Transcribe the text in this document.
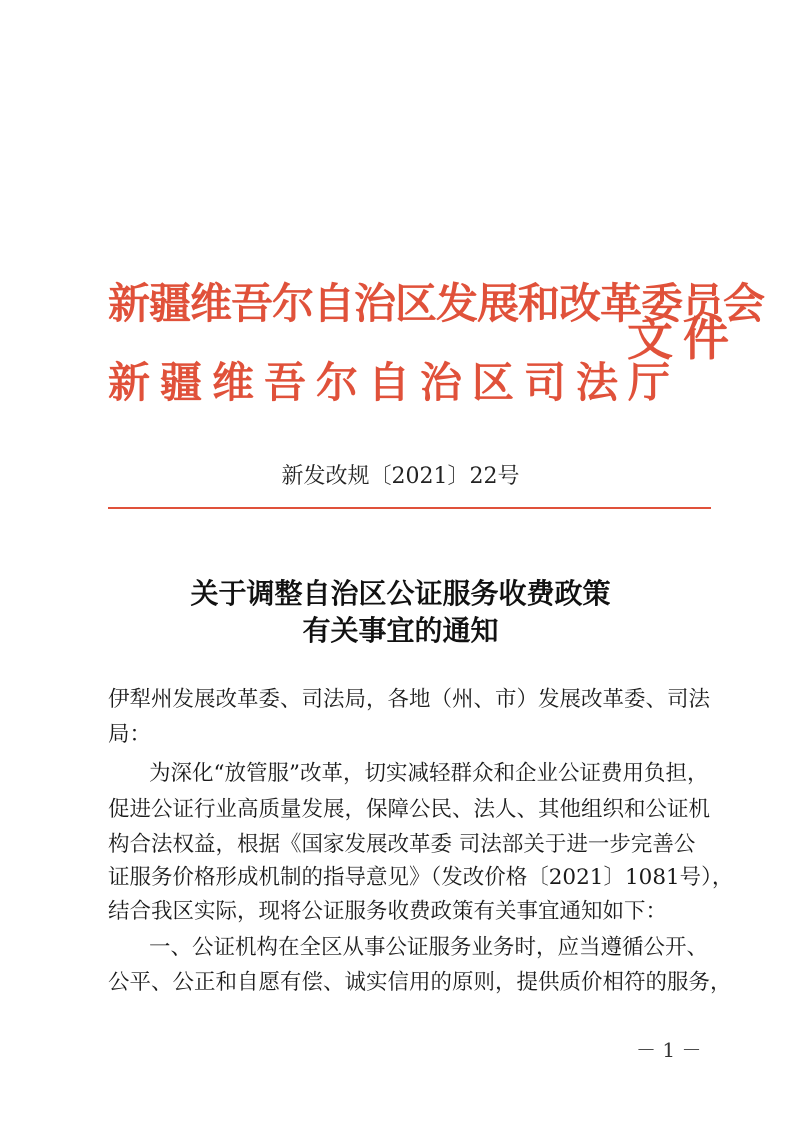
新疆维吾尔自治区发展和改革委员会
新疆维吾尔自治区司法厅
文件
新发改规〔2021〕22号
关于调整自治区公证服务收费政策
有关事宜的通知
伊犁州发展改革委、司法局，各地（州、市）发展改革委、司法
局：
为深化“放管服”改革，切实减轻群众和企业公证费用负担，
促进公证行业高质量发展，保障公民、法人、其他组织和公证机
构合法权益，根据《国家发展改革委 司法部关于进一步完善公
证服务价格形成机制的指导意见》（发改价格〔2021〕1081号），
结合我区实际，现将公证服务收费政策有关事宜通知如下：
一、公证机构在全区从事公证服务业务时，应当遵循公开、
公平、公正和自愿有偿、诚实信用的原则，提供质价相符的服务，
－ 1 －
